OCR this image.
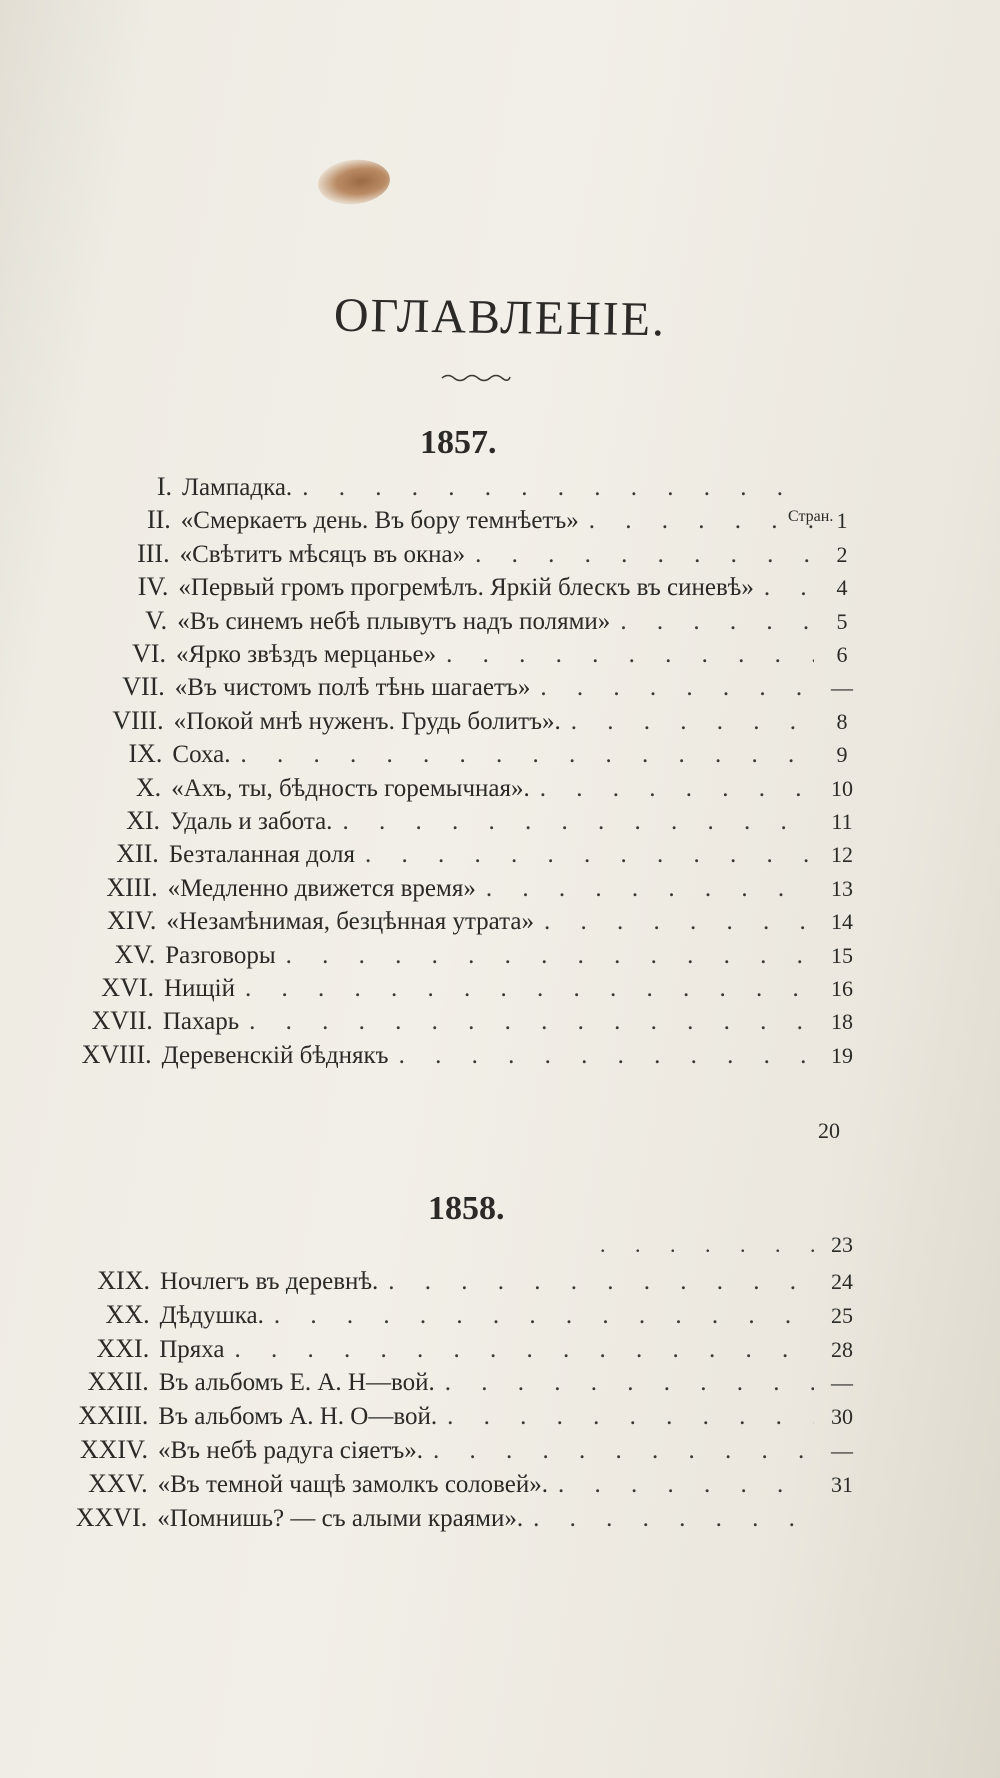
ОГЛАВЛЕНІЕ.
1857.
Стран.
I. Лампадка.
. . .
II. «Смеркаетъ день. Въ бору темнѣетъ» . . .	1
III. «Свѣтитъ мѣсяцъ въ окна» . . .	2
IV. «Первый громъ прогремѣлъ. Яркій блескъ въ синевѣ» . . .	4
V. «Въ синемъ небѣ плывутъ надъ полями» . . .	5
VI. «Ярко звѣздъ мерцанье» . . .	6
VII. «Въ чистомъ полѣ тѣнь шагаетъ» . . .	—
VIII. «Покой мнѣ нуженъ. Грудь болитъ». . . .	8
IX. Соха. . . .	9
X. «Ахъ, ты, бѣдность горемычная». . . .	10
XI. Удаль и забота. . . .	11
XII. Безталанная доля . . .	12
XIII. «Медленно движется время» . . .	13
XIV. «Незамѣнимая, безцѣнная утрата» . . .	14
XV. Разговоры . . .	15
XVI. Нищій . . .	16
XVII. Пахарь . . .	18
XVIII. Деревенскій бѣднякъ . . .	19
1858.
. . .
23
XIX. Ночлегъ въ деревнѣ. . . .	24
XX. Дѣдушка. . . .	25
XXI. Пряха . . .	28
XXII. Въ альбомъ Е. А. Н—вой. . . .	—
XXIII. Въ альбомъ А. Н. О—вой. . . .	30
XXIV. «Въ небѣ радуга сіяетъ». . . .	—
XXV. «Въ темной чащѣ замолкъ соловей». . . .	31
XXVI. «Помнишь? — съ алыми краями».
. . .
20
